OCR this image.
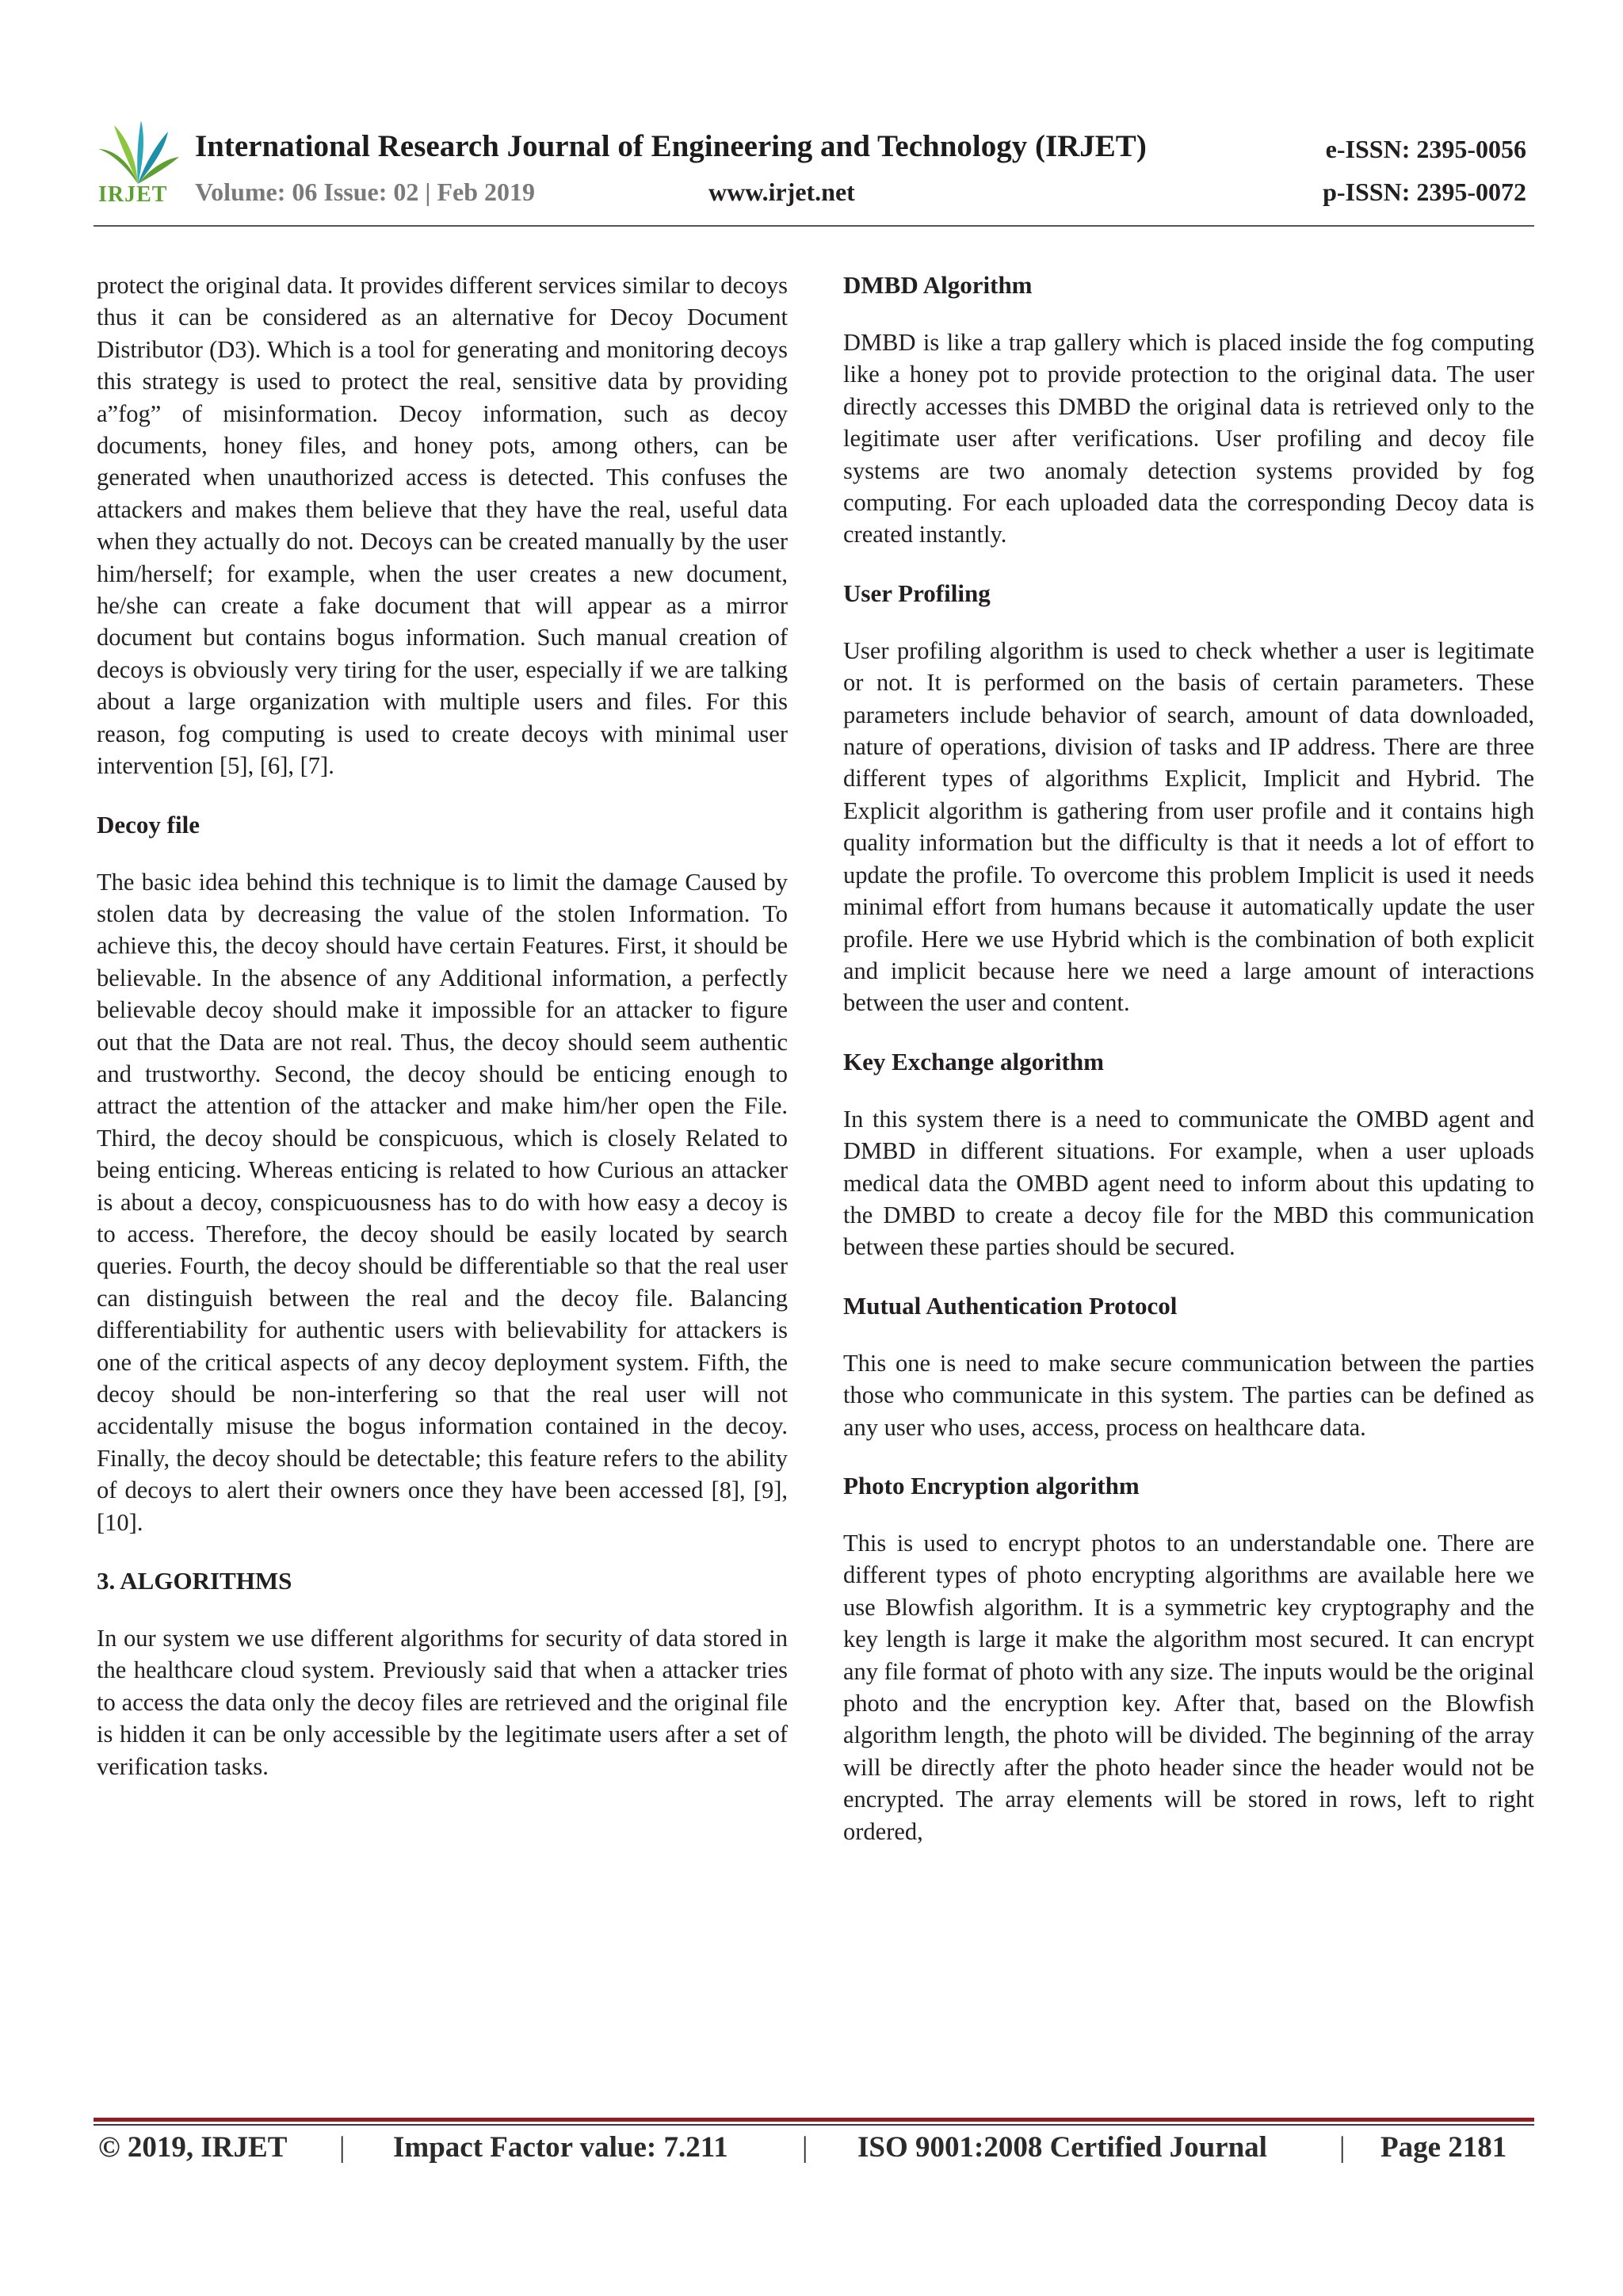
IRJET
International Research Journal of Engineering and Technology (IRJET)	e-ISSN: 2395-0056
Volume: 06 Issue: 02 | Feb 2019	www.irjet.net	p-ISSN: 2395-0072

protect the original data. It provides different services similar to decoys thus it can be considered as an alternative for Decoy Document Distributor (D3). Which is a tool for generating and monitoring decoys this strategy is used to protect the real, sensitive data by providing a”fog” of misinformation. Decoy information, such as decoy documents, honey files, and honey pots, among others, can be generated when unauthorized access is detected. This confuses the attackers and makes them believe that they have the real, useful data when they actually do not. Decoys can be created manually by the user him/herself; for example, when the user creates a new document, he/she can create a fake document that will appear as a mirror document but contains bogus information. Such manual creation of decoys is obviously very tiring for the user, especially if we are talking about a large organization with multiple users and files. For this reason, fog computing is used to create decoys with minimal user intervention [5], [6], [7].

Decoy file

The basic idea behind this technique is to limit the damage Caused by stolen data by decreasing the value of the stolen Information. To achieve this, the decoy should have certain Features. First, it should be believable. In the absence of any Additional information, a perfectly believable decoy should make it impossible for an attacker to figure out that the Data are not real. Thus, the decoy should seem authentic and trustworthy. Second, the decoy should be enticing enough to attract the attention of the attacker and make him/her open the File. Third, the decoy should be conspicuous, which is closely Related to being enticing. Whereas enticing is related to how Curious an attacker is about a decoy, conspicuousness has to do with how easy a decoy is to access. Therefore, the decoy should be easily located by search queries. Fourth, the decoy should be differentiable so that the real user can distinguish between the real and the decoy file. Balancing differentiability for authentic users with believability for attackers is one of the critical aspects of any decoy deployment system. Fifth, the decoy should be non-interfering so that the real user will not accidentally misuse the bogus information contained in the decoy. Finally, the decoy should be detectable; this feature refers to the ability of decoys to alert their owners once they have been accessed [8], [9], [10].

3. ALGORITHMS

In our system we use different algorithms for security of data stored in the healthcare cloud system. Previously said that when a attacker tries to access the data only the decoy files are retrieved and the original file is hidden it can be only accessible by the legitimate users after a set of verification tasks.

DMBD Algorithm

DMBD is like a trap gallery which is placed inside the fog computing like a honey pot to provide protection to the original data. The user directly accesses this DMBD the original data is retrieved only to the legitimate user after verifications. User profiling and decoy file systems are two anomaly detection systems provided by fog computing. For each uploaded data the corresponding Decoy data is created instantly.

User Profiling

User profiling algorithm is used to check whether a user is legitimate or not. It is performed on the basis of certain parameters. These parameters include behavior of search, amount of data downloaded, nature of operations, division of tasks and IP address. There are three different types of algorithms Explicit, Implicit and Hybrid. The Explicit algorithm is gathering from user profile and it contains high quality information but the difficulty is that it needs a lot of effort to update the profile. To overcome this problem Implicit is used it needs minimal effort from humans because it automatically update the user profile. Here we use Hybrid which is the combination of both explicit and implicit because here we need a large amount of interactions between the user and content.

Key Exchange algorithm

In this system there is a need to communicate the OMBD agent and DMBD in different situations. For example, when a user uploads medical data the OMBD agent need to inform about this updating to the DMBD to create a decoy file for the MBD this communication between these parties should be secured.

Mutual Authentication Protocol

This one is need to make secure communication between the parties those who communicate in this system. The parties can be defined as any user who uses, access, process on healthcare data.

Photo Encryption algorithm

This is used to encrypt photos to an understandable one. There are different types of photo encrypting algorithms are available here we use Blowfish algorithm. It is a symmetric key cryptography and the key length is large it make the algorithm most secured. It can encrypt any file format of photo with any size. The inputs would be the original photo and the encryption key. After that, based on the Blowfish algorithm length, the photo will be divided. The beginning of the array will be directly after the photo header since the header would not be encrypted. The array elements will be stored in rows, left to right ordered,

© 2019, IRJET | Impact Factor value: 7.211	| ISO 9001:2008 Certified Journal | Page 2181
